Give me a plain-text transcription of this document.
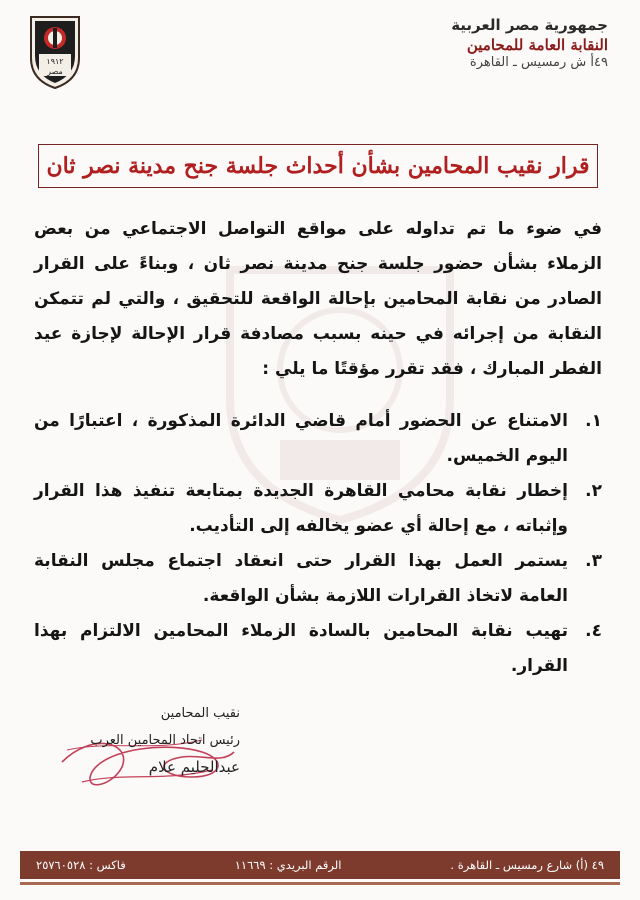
١٩١٢
مصر
جمهورية مصر العربية
النقابة العامة للمحامين
٤٩أ ش رمسيس ـ القاهرة
قرار نقيب المحامين بشأن أحداث جلسة جنح مدينة نصر ثان

في ضوء ما تم تداوله على مواقع التواصل الاجتماعي من بعض الزملاء بشأن حضور جلسة جنح مدينة نصر ثان ، وبناءً على القرار الصادر من نقابة المحامين بإحالة الواقعة للتحقيق ، والتي لم تتمكن النقابة من إجرائه في حينه بسبب مصادفة قرار الإحالة لإجازة عيد الفطر المبارك ، فقد تقرر مؤقتًا ما يلي :

١.
الامتناع عن الحضور أمام قاضي الدائرة المذكورة ، اعتبارًا من اليوم الخميس.
٢.
إخطار نقابة محامي القاهرة الجديدة بمتابعة تنفيذ هذا القرار وإثباته ، مع إحالة أي عضو يخالفه إلى التأديب.
٣.
يستمر العمل بهذا القرار حتى انعقاد اجتماع مجلس النقابة العامة لاتخاذ القرارات اللازمة بشأن الواقعة.
٤.
تهيب نقابة المحامين بالسادة الزملاء المحامين الالتزام بهذا القرار.
نقيب المحامين
رئيس اتحاد المحامين العرب
عبدالحليم علام
٤٩ (أ) شارع رمسيس ـ القاهرة .
الرقم البريدي : ١١٦٦٩
فاكس : ٢٥٧٦٠٥٢٨
